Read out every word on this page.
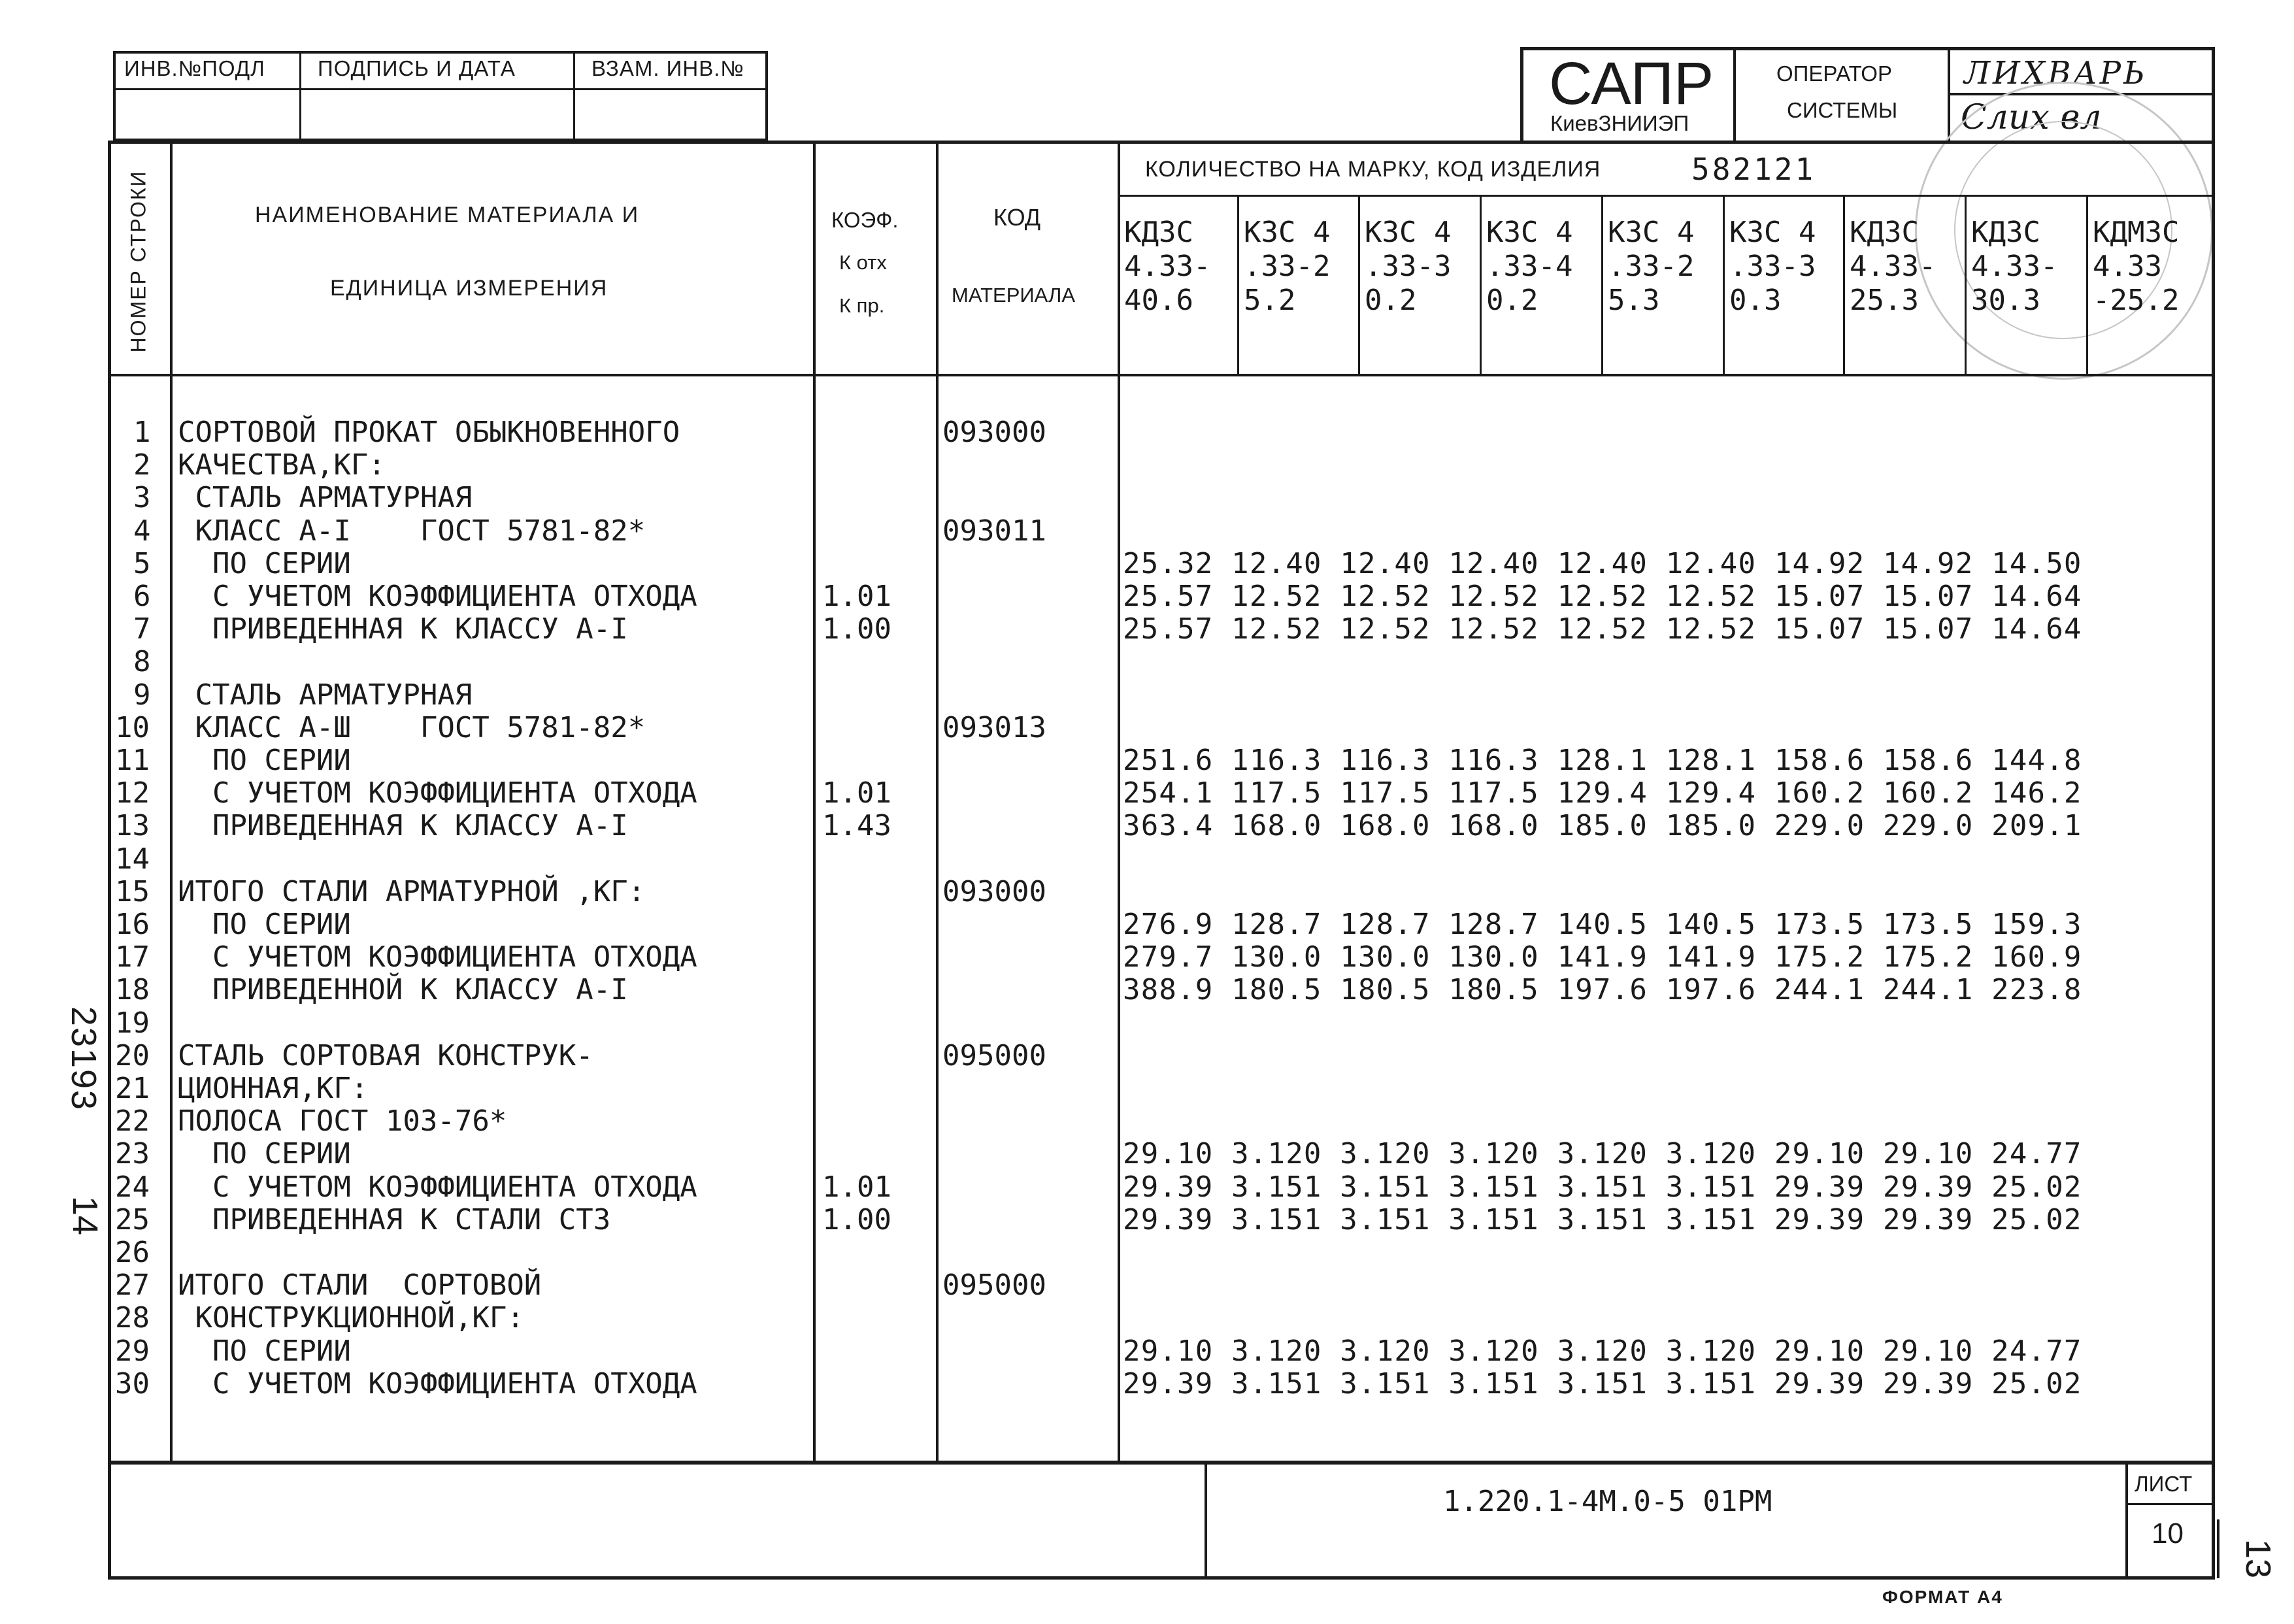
ИНВ.№ПОДЛ ПОДПИСЬ И ДАТА	ВЗАМ. ИНВ.№	САПР
КиевЗНИИЭП
ОПЕРАТОР
СИСТЕМЫ
ЛИХВАРЬ
Слих вл
НОМЕР СТРОКИ	НАИМЕНОВАНИЕ МАТЕРИАЛА И
ЕДИНИЦА ИЗМЕРЕНИЯ
КОЭФ.
К отх
К пр.
КОД
МАТЕРИАЛА
КОЛИЧЕСТВО НА МАРКУ, КОД ИЗДЕЛИЯ	582121
КДЗС
4.33-
40.6
КЗС 4
.33-2
5.2
КЗС 4
.33-3
0.2
КЗС 4
.33-4
0.2
КЗС 4
.33-2
5.3
КЗС 4
.33-3
0.3
КДЗС
4.33-
25.3
КДЗС
4.33-
30.3
КДМЗС
4.33
-25.2
1 СОРТОВОЙ ПРОКАТ ОБЫКНОВЕННОГО	093000
2 КАЧЕСТВА,КГ:
3 СТАЛЬ АРМАТУРНАЯ
4 КЛАСС А-I    ГОСТ 5781-82*	093011
5 ПО СЕРИИ	25.32 12.40 12.40 12.40 12.40 12.40 14.92 14.92 14.50
6 С УЧЕТОМ КОЭФФИЦИЕНТА ОТХОДА	1.01	25.57 12.52 12.52 12.52 12.52 12.52 15.07 15.07 14.64
7 ПРИВЕДЕННАЯ К КЛАССУ А-I	1.00	25.57 12.52 12.52 12.52 12.52 12.52 15.07 15.07 14.64
8
9 СТАЛЬ АРМАТУРНАЯ
10 КЛАСС А-Ш    ГОСТ 5781-82*	093013
11 ПО СЕРИИ	251.6 116.3 116.3 116.3 128.1 128.1 158.6 158.6 144.8
12 С УЧЕТОМ КОЭФФИЦИЕНТА ОТХОДА	1.01	254.1 117.5 117.5 117.5 129.4 129.4 160.2 160.2 146.2
13 ПРИВЕДЕННАЯ К КЛАССУ А-I	1.43	363.4 168.0 168.0 168.0 185.0 185.0 229.0 229.0 209.1
14
15 ИТОГО СТАЛИ АРМАТУРНОЙ ,КГ:	093000
16 ПО СЕРИИ	276.9 128.7 128.7 128.7 140.5 140.5 173.5 173.5 159.3
17 С УЧЕТОМ КОЭФФИЦИЕНТА ОТХОДА	279.7 130.0 130.0 130.0 141.9 141.9 175.2 175.2 160.9
18 ПРИВЕДЕННОЙ К КЛАССУ А-I	388.9 180.5 180.5 180.5 197.6 197.6 244.1 244.1 223.8
19
20 СТАЛЬ СОРТОВАЯ КОНСТРУК-	095000
21 ЦИОННАЯ,КГ:
22 ПОЛОСА ГОСТ 103-76*
23 ПО СЕРИИ	29.10 3.120 3.120 3.120 3.120 3.120 29.10 29.10 24.77
24 С УЧЕТОМ КОЭФФИЦИЕНТА ОТХОДА	1.01	29.39 3.151 3.151 3.151 3.151 3.151 29.39 29.39 25.02
25 ПРИВЕДЕННАЯ К СТАЛИ СТЗ	1.00	29.39 3.151 3.151 3.151 3.151 3.151 29.39 29.39 25.02
26
27 ИТОГО СТАЛИ  СОРТОВОЙ	095000
28 КОНСТРУКЦИОННОЙ,КГ:
29 ПО СЕРИИ	29.10 3.120 3.120 3.120 3.120 3.120 29.10 29.10 24.77
30 С УЧЕТОМ КОЭФФИЦИЕНТА ОТХОДА	29.39 3.151 3.151 3.151 3.151 3.151 29.39 29.39 25.02
1.220.1-4М.0-5 01РМ
ЛИСТ
10
ФОРМАТ А4
23193
14
13
